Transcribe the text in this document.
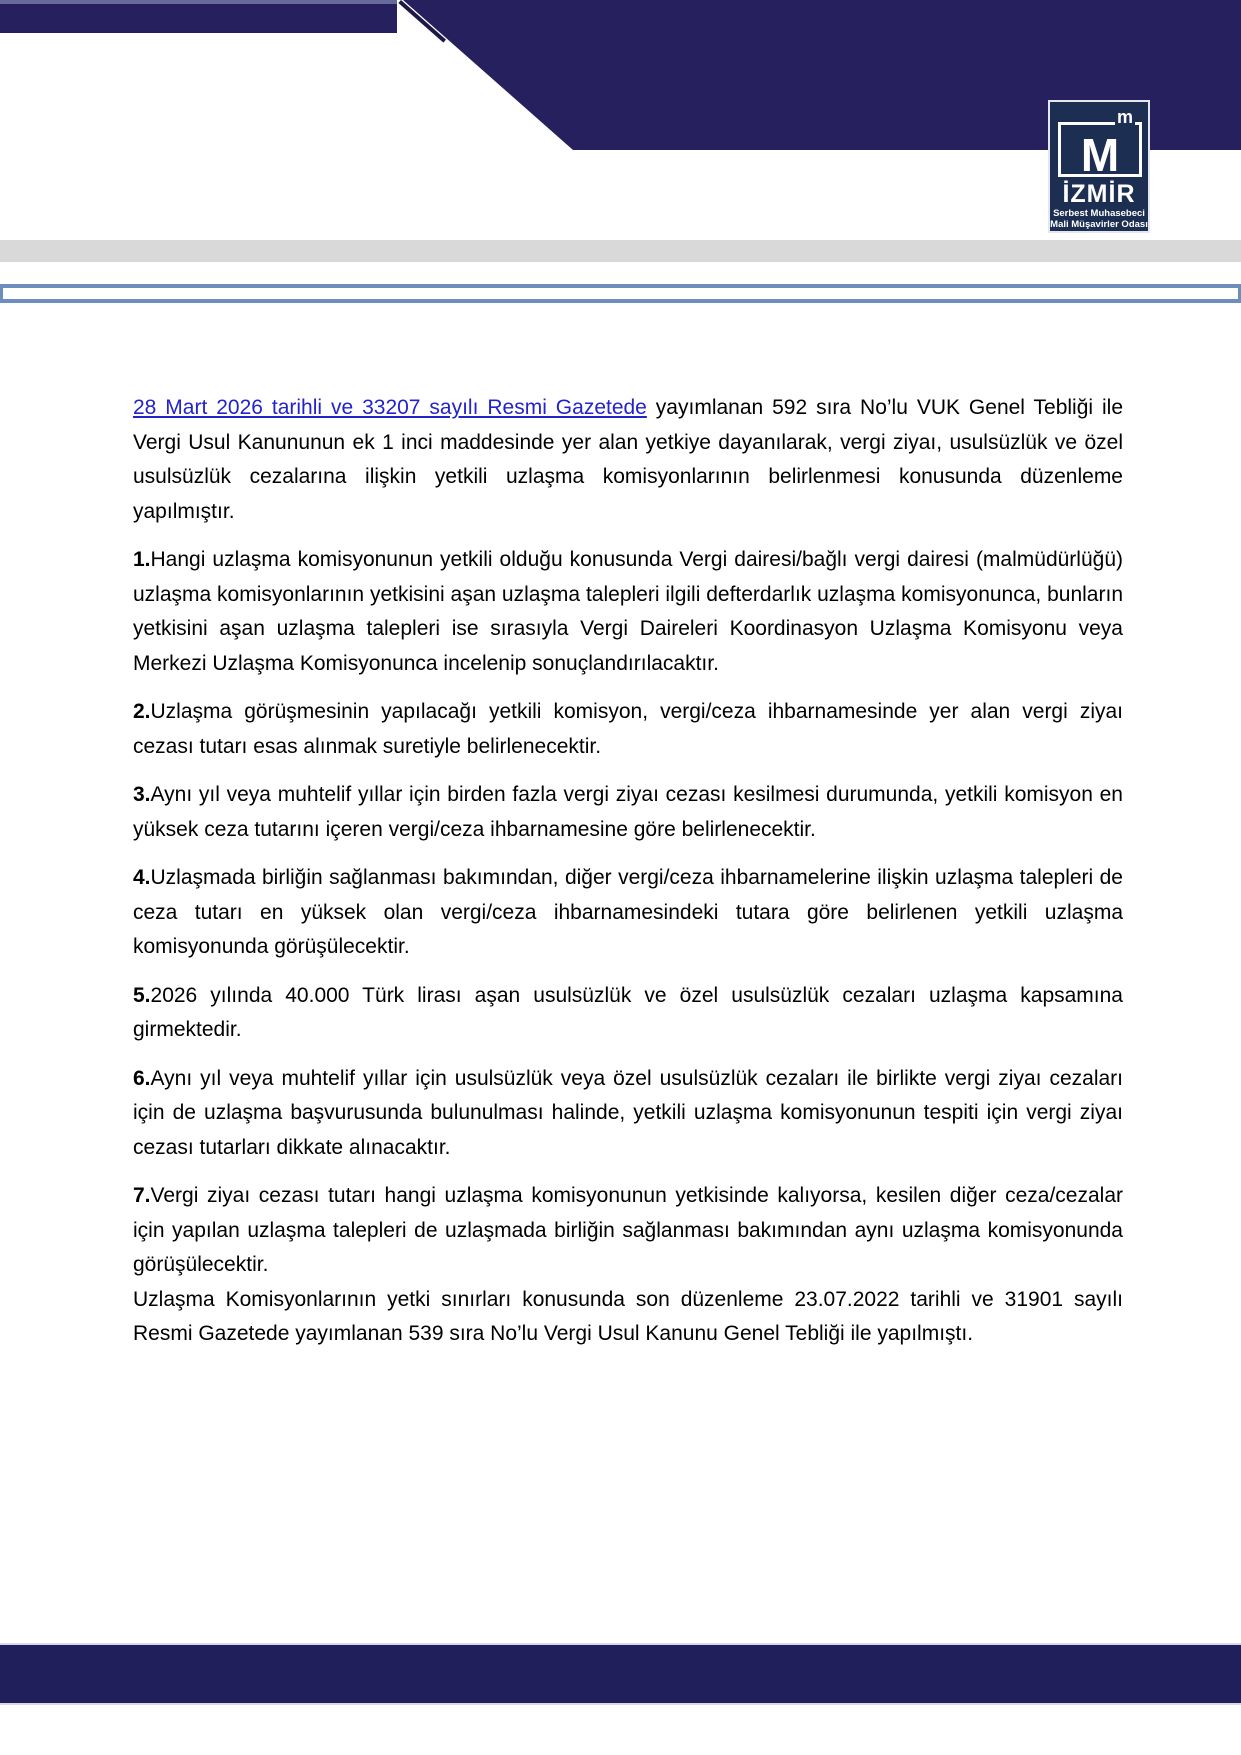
M
m
İZMİR
Serbest Muhasebeci
Mali Müşavirler Odası

28 Mart 2026 tarihli ve 33207 sayılı Resmi Gazetede yayımlanan 592 sıra No’lu VUK Genel Tebliği ile Vergi Usul Kanununun ek 1 inci maddesinde yer alan yetkiye dayanılarak, vergi ziyaı, usulsüzlük ve özel usulsüzlük cezalarına ilişkin yetkili uzlaşma komisyonlarının belirlenmesi konusunda düzenleme yapılmıştır.

1.Hangi uzlaşma komisyonunun yetkili olduğu konusunda Vergi dairesi/bağlı vergi dairesi (malmüdürlüğü) uzlaşma komisyonlarının yetkisini aşan uzlaşma talepleri ilgili defterdarlık uzlaşma komisyonunca, bunların yetkisini aşan uzlaşma talepleri ise sırasıyla Vergi Daireleri Koordinasyon Uzlaşma Komisyonu veya Merkezi Uzlaşma Komisyonunca incelenip sonuçlandırılacaktır.

2.Uzlaşma görüşmesinin yapılacağı yetkili komisyon, vergi/ceza ihbarnamesinde yer alan vergi ziyaı cezası tutarı esas alınmak suretiyle belirlenecektir.

3.Aynı yıl veya muhtelif yıllar için birden fazla vergi ziyaı cezası kesilmesi durumunda, yetkili komisyon en yüksek ceza tutarını içeren vergi/ceza ihbarnamesine göre belirlenecektir.

4.Uzlaşmada birliğin sağlanması bakımından, diğer vergi/ceza ihbarnamelerine ilişkin uzlaşma talepleri de ceza tutarı en yüksek olan vergi/ceza ihbarnamesindeki tutara göre belirlenen yetkili uzlaşma komisyonunda görüşülecektir.

5.2026 yılında 40.000 Türk lirası aşan usulsüzlük ve özel usulsüzlük cezaları uzlaşma kapsamına girmektedir.

6.Aynı yıl veya muhtelif yıllar için usulsüzlük veya özel usulsüzlük cezaları ile birlikte vergi ziyaı cezaları için de uzlaşma başvurusunda bulunulması halinde, yetkili uzlaşma komisyonunun tespiti için vergi ziyaı cezası tutarları dikkate alınacaktır.

7.Vergi ziyaı cezası tutarı hangi uzlaşma komisyonunun yetkisinde kalıyorsa, kesilen diğer ceza/cezalar için yapılan uzlaşma talepleri de uzlaşmada birliğin sağlanması bakımından aynı uzlaşma komisyonunda görüşülecektir.

Uzlaşma Komisyonlarının yetki sınırları konusunda son düzenleme 23.07.2022 tarihli ve 31901 sayılı Resmi Gazetede yayımlanan 539 sıra No’lu Vergi Usul Kanunu Genel Tebliği ile yapılmıştı.
